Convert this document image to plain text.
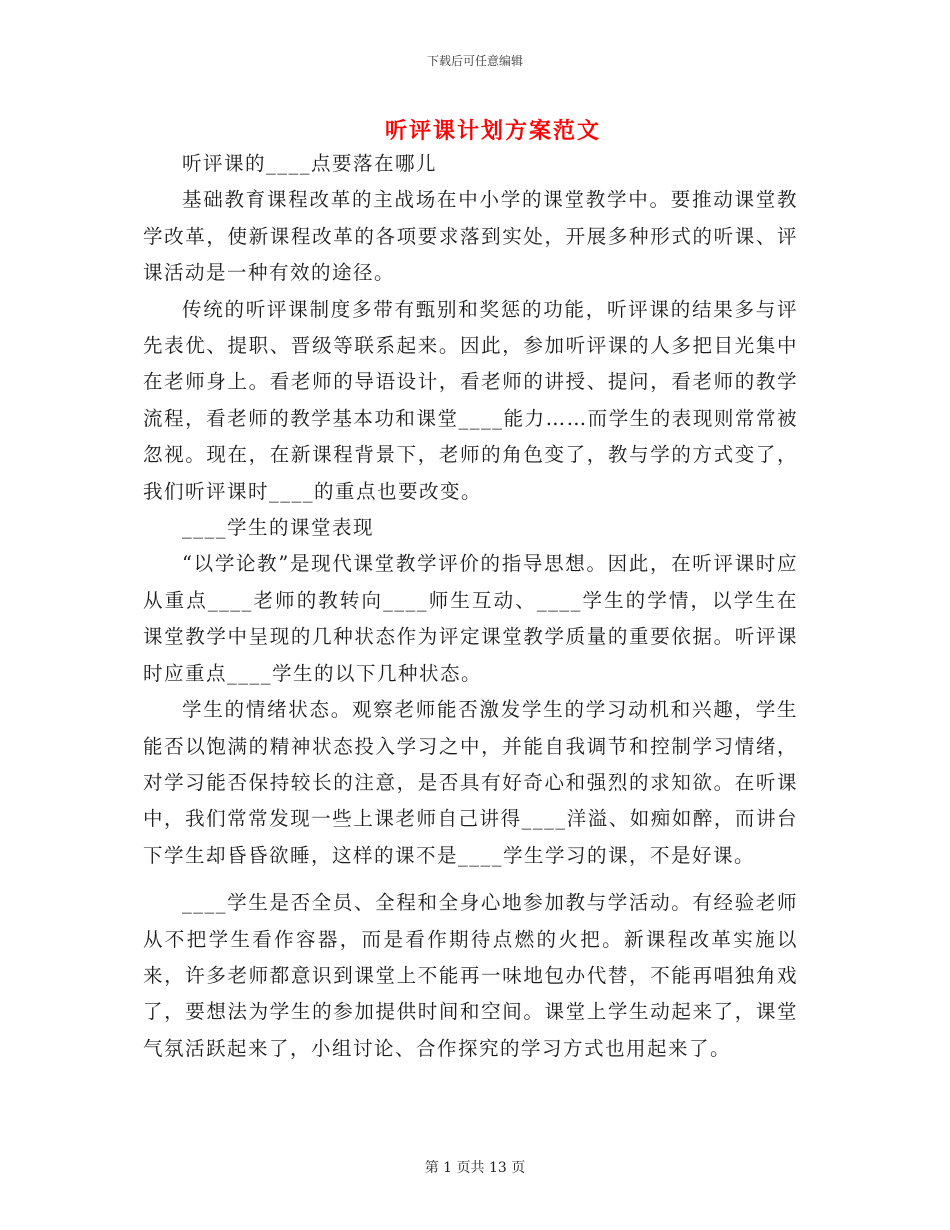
下载后可任意编辑
听评课计划方案范文

听评课的____点要落在哪儿

基础教育课程改革的主战场在中小学的课堂教学中。要推动课堂教学改革，使新课程改革的各项要求落到实处，开展多种形式的听课、评课活动是一种有效的途径。

传统的听评课制度多带有甄别和奖惩的功能，听评课的结果多与评先表优、提职、晋级等联系起来。因此，参加听评课的人多把目光集中在老师身上。看老师的导语设计，看老师的讲授、提问，看老师的教学流程，看老师的教学基本功和课堂____能力……而学生的表现则常常被忽视。现在，在新课程背景下，老师的角色变了，教与学的方式变了，我们听评课时____的重点也要改变。

____学生的课堂表现

“以学论教”是现代课堂教学评价的指导思想。因此，在听评课时应从重点____老师的教转向____师生互动、____学生的学情，以学生在课堂教学中呈现的几种状态作为评定课堂教学质量的重要依据。听评课时应重点____学生的以下几种状态。

学生的情绪状态。观察老师能否激发学生的学习动机和兴趣，学生能否以饱满的精神状态投入学习之中，并能自我调节和控制学习情绪，对学习能否保持较长的注意，是否具有好奇心和强烈的求知欲。在听课中，我们常常发现一些上课老师自己讲得____洋溢、如痴如醉，而讲台下学生却昏昏欲睡，这样的课不是____学生学习的课，不是好课。

____学生是否全员、全程和全身心地参加教与学活动。有经验老师从不把学生看作容器，而是看作期待点燃的火把。新课程改革实施以来，许多老师都意识到课堂上不能再一味地包办代替，不能再唱独角戏了，要想法为学生的参加提供时间和空间。课堂上学生动起来了，课堂气氛活跃起来了，小组讨论、合作探究的学习方式也用起来了。

第 1 页共 13 页
